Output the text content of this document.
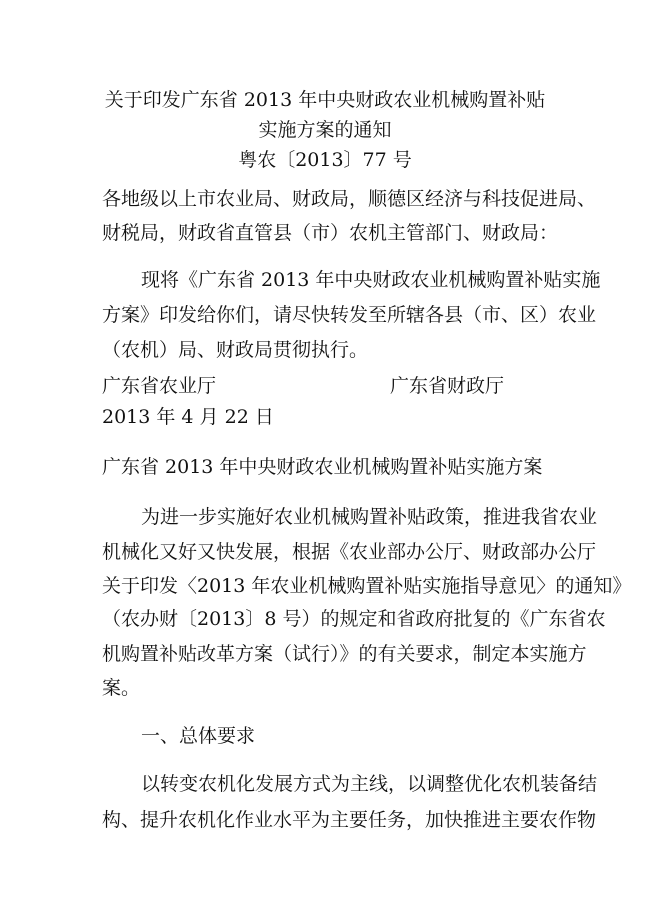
关于印发广东省 2013 年中央财政农业机械购置补贴
实施方案的通知
粤农〔2013〕77 号
各地级以上市农业局、财政局，顺德区经济与科技促进局、
财税局，财政省直管县（市）农机主管部门、财政局：
现将《广东省 2013 年中央财政农业机械购置补贴实施
方案》印发给你们，请尽快转发至所辖各县（市、区）农业
（农机）局、财政局贯彻执行。
广东省农业厅	广东省财政厅
2013 年 4 月 22 日
广东省 2013 年中央财政农业机械购置补贴实施方案
为进一步实施好农业机械购置补贴政策，推进我省农业
机械化又好又快发展，根据《农业部办公厅、财政部办公厅
关于印发〈2013 年农业机械购置补贴实施指导意见〉的通知》
（农办财〔2013〕8 号）的规定和省政府批复的《广东省农
机购置补贴改革方案（试行）》的有关要求，制定本实施方
案。
一、总体要求
以转变农机化发展方式为主线，以调整优化农机装备结
构、提升农机化作业水平为主要任务，加快推进主要农作物
